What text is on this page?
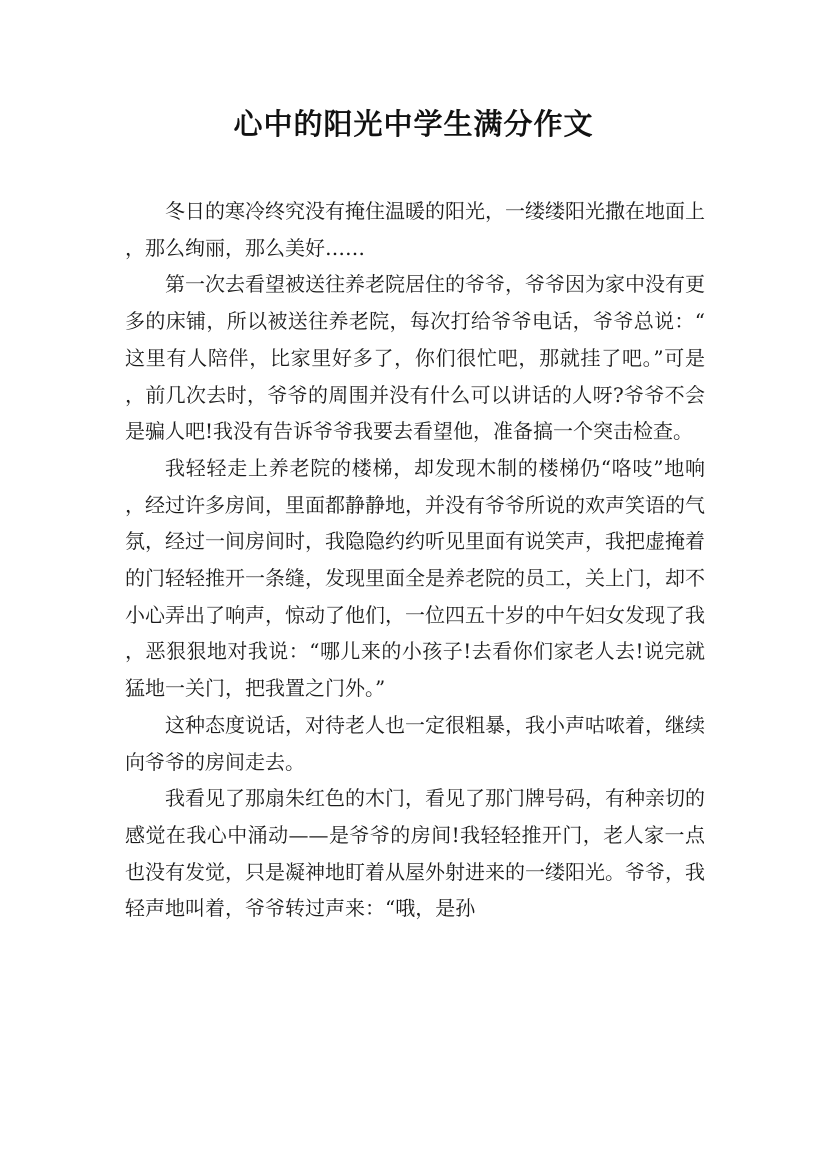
心中的阳光中学生满分作文

冬日的寒冷终究没有掩住温暖的阳光，一缕缕阳光撒在地面上，那么绚丽，那么美好……

第一次去看望被送往养老院居住的爷爷，爷爷因为家中没有更多的床铺，所以被送往养老院，每次打给爷爷电话，爷爷总说：“这里有人陪伴，比家里好多了，你们很忙吧，那就挂了吧。”可是，前几次去时，爷爷的周围并没有什么可以讲话的人呀?爷爷不会是骗人吧!我没有告诉爷爷我要去看望他，准备搞一个突击检查。

我轻轻走上养老院的楼梯，却发现木制的楼梯仍“咯吱”地响，经过许多房间，里面都静静地，并没有爷爷所说的欢声笑语的气氛，经过一间房间时，我隐隐约约听见里面有说笑声，我把虚掩着的门轻轻推开一条缝，发现里面全是养老院的员工，关上门，却不小心弄出了响声，惊动了他们，一位四五十岁的中午妇女发现了我，恶狠狠地对我说：“哪儿来的小孩子!去看你们家老人去!说完就猛地一关门，把我置之门外。”

这种态度说话，对待老人也一定很粗暴，我小声咕哝着，继续向爷爷的房间走去。

我看见了那扇朱红色的木门，看见了那门牌号码，有种亲切的感觉在我心中涌动——是爷爷的房间!我轻轻推开门，老人家一点也没有发觉，只是凝神地盯着从屋外射进来的一缕阳光。爷爷，我轻声地叫着，爷爷转过声来：“哦，是孙
